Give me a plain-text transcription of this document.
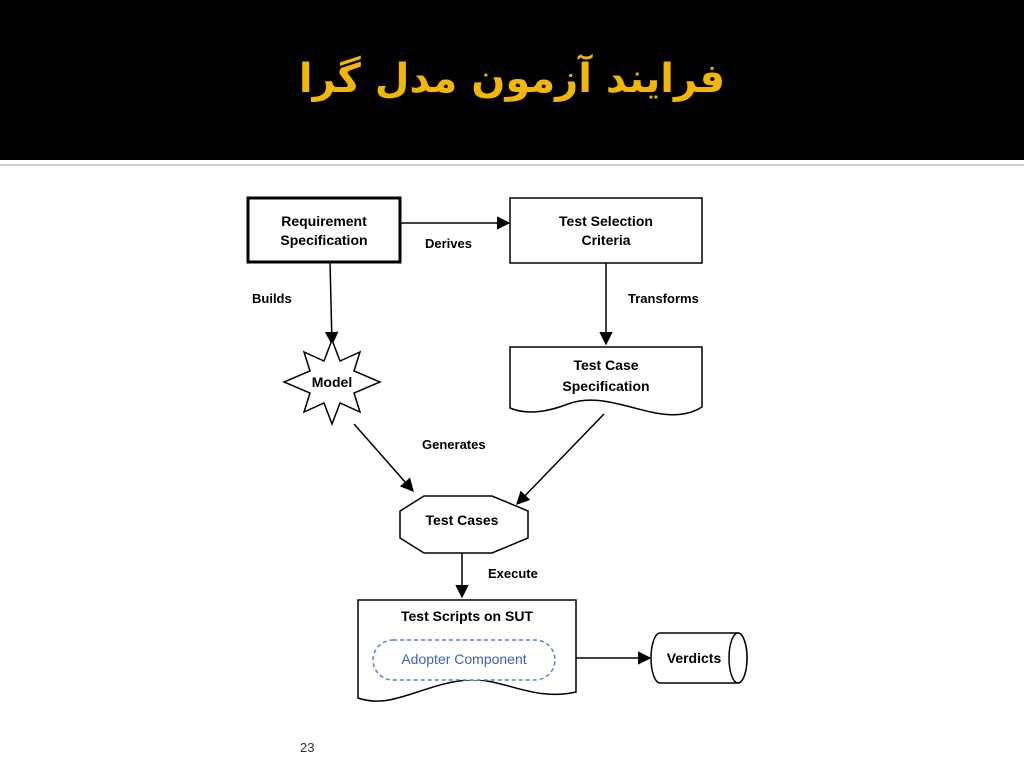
فرایند آزمون مدل گرا
Requirement
Specification
Test Selection
Criteria
Derives
Builds	Transforms
Model
Test Case
Specification
Generates
Test Cases
Execute
Test Scripts on SUT
Adopter Component	Verdicts
23
